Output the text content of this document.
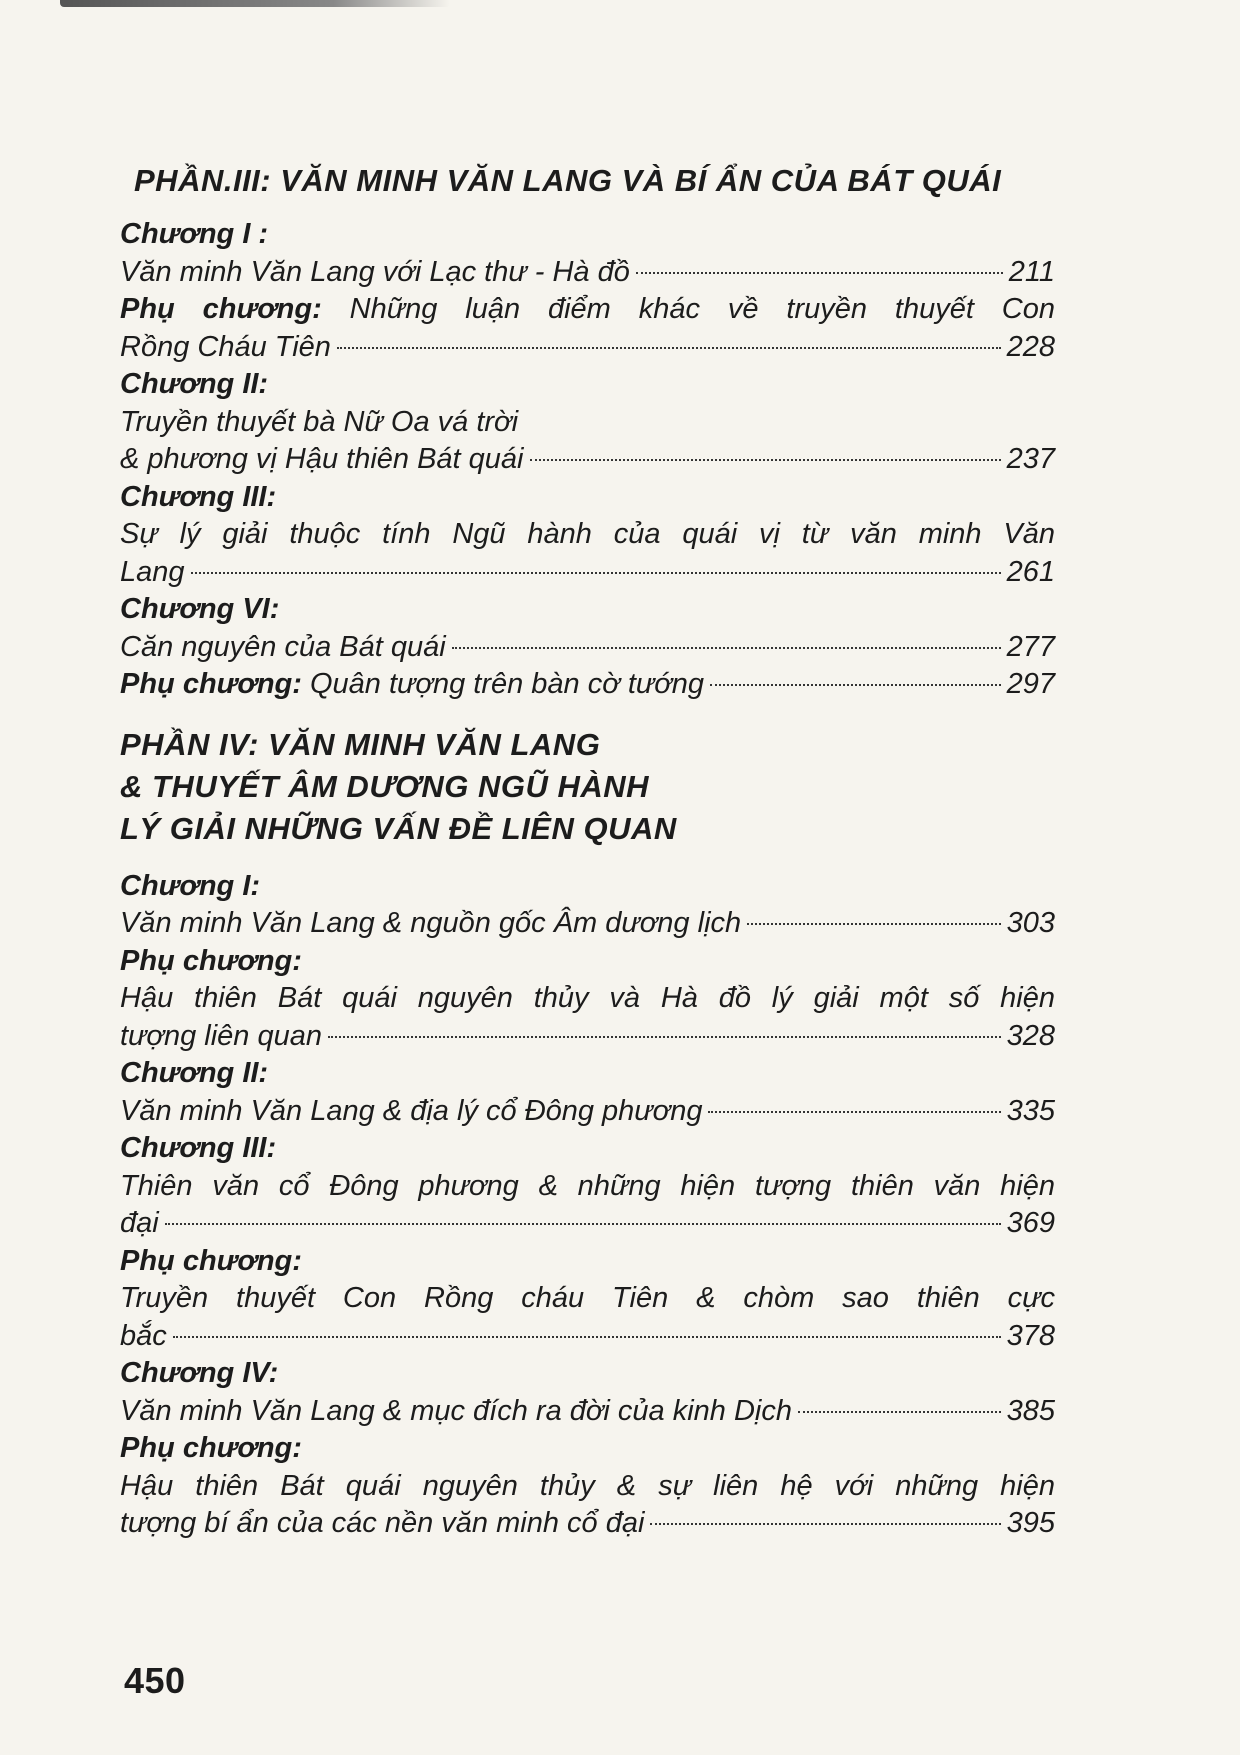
PHẦN.III: VĂN MINH VĂN LANG VÀ BÍ ẨN CỦA BÁT QUÁI
Chương I :
Văn minh Văn Lang với Lạc thư - Hà đồ	211
Phụ chương: Những luận điểm khác về truyền thuyết Con
Rồng Cháu Tiên	228
Chương II:
Truyền thuyết bà Nữ Oa vá trời
& phương vị Hậu thiên Bát quái	237
Chương III:
Sự lý giải thuộc tính Ngũ hành của quái vị từ văn minh Văn
Lang	261
Chương VI:
Căn nguyên của Bát quái	277
Phụ chương: Quân tượng trên bàn cờ tướng	297
PHẦN IV: VĂN MINH VĂN LANG
& THUYẾT ÂM DƯƠNG NGŨ HÀNH
LÝ GIẢI NHỮNG VẤN ĐỀ LIÊN QUAN
Chương I:
Văn minh Văn Lang & nguồn gốc Âm dương lịch	303
Phụ chương:
Hậu thiên Bát quái nguyên thủy và Hà đồ lý giải một số hiện
tượng liên quan	328
Chương II:
Văn minh Văn Lang & địa lý cổ Đông phương	335
Chương III:
Thiên văn cổ Đông phương & những hiện tượng thiên văn hiện
đại	369
Phụ chương:
Truyền thuyết Con Rồng cháu Tiên & chòm sao thiên cực
bắc	378
Chương IV:
Văn minh Văn Lang & mục đích ra đời của kinh Dịch	385
Phụ chương:
Hậu thiên Bát quái nguyên thủy & sự liên hệ với những hiện
tượng bí ẩn của các nền văn minh cổ đại	395
450
